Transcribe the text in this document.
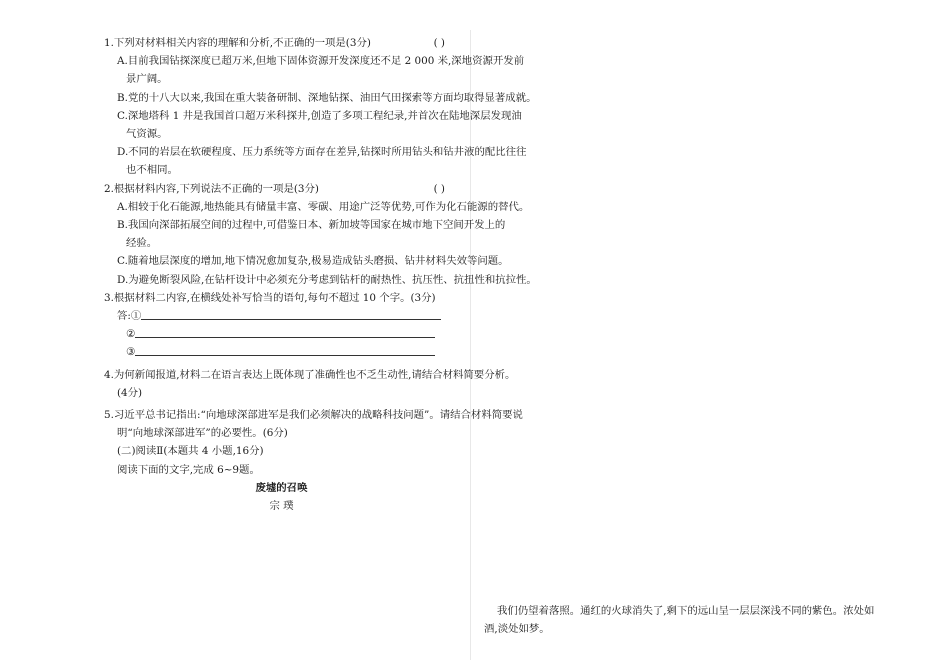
( )
1.下列对材料相关内容的理解和分析,不正确的一项是(3分)
A.目前我国钻探深度已超万米,但地下固体资源开发深度还不足 2 000 米,深地资源开发前
景广阔。
B.党的十八大以来,我国在重大装备研制、深地钻探、油田气田探索等方面均取得显著成就。
C.深地塔科 1 井是我国首口超万米科探井,创造了多项工程纪录,并首次在陆地深层发现油
气资源。
D.不同的岩层在软硬程度、压力系统等方面存在差异,钻探时所用钻头和钻井液的配比往往
也不相同。
( )
2.根据材料内容,下列说法不正确的一项是(3分)
A.相较于化石能源,地热能具有储量丰富、零碳、用途广泛等优势,可作为化石能源的替代。
B.我国向深部拓展空间的过程中,可借鉴日本、新加坡等国家在城市地下空间开发上的
经验。
C.随着地层深度的增加,地下情况愈加复杂,极易造成钻头磨损、钻井材料失效等问题。
D.为避免断裂风险,在钻杆设计中必须充分考虑到钻杆的耐热性、抗压性、抗扭性和抗拉性。
3.根据材料二内容,在横线处补写恰当的语句,每句不超过 10 个字。(3分)
答:①
②
③
4.为何新闻报道,材料二在语言表达上既体现了准确性也不乏生动性,请结合材料简要分析。
(4分)
5.习近平总书记指出:“向地球深部进军是我们必须解决的战略科技问题”。请结合材料简要说
明“向地球深部进军”的必要性。(6分)
(二)阅读Ⅱ(本题共 4 小题,16分)
阅读下面的文字,完成 6~9题。
废墟的召唤
宗 璞
我们仍望着落照。通红的火球消失了,剩下的远山呈一层层深浅不同的紫色。浓处如
酒,淡处如梦。
